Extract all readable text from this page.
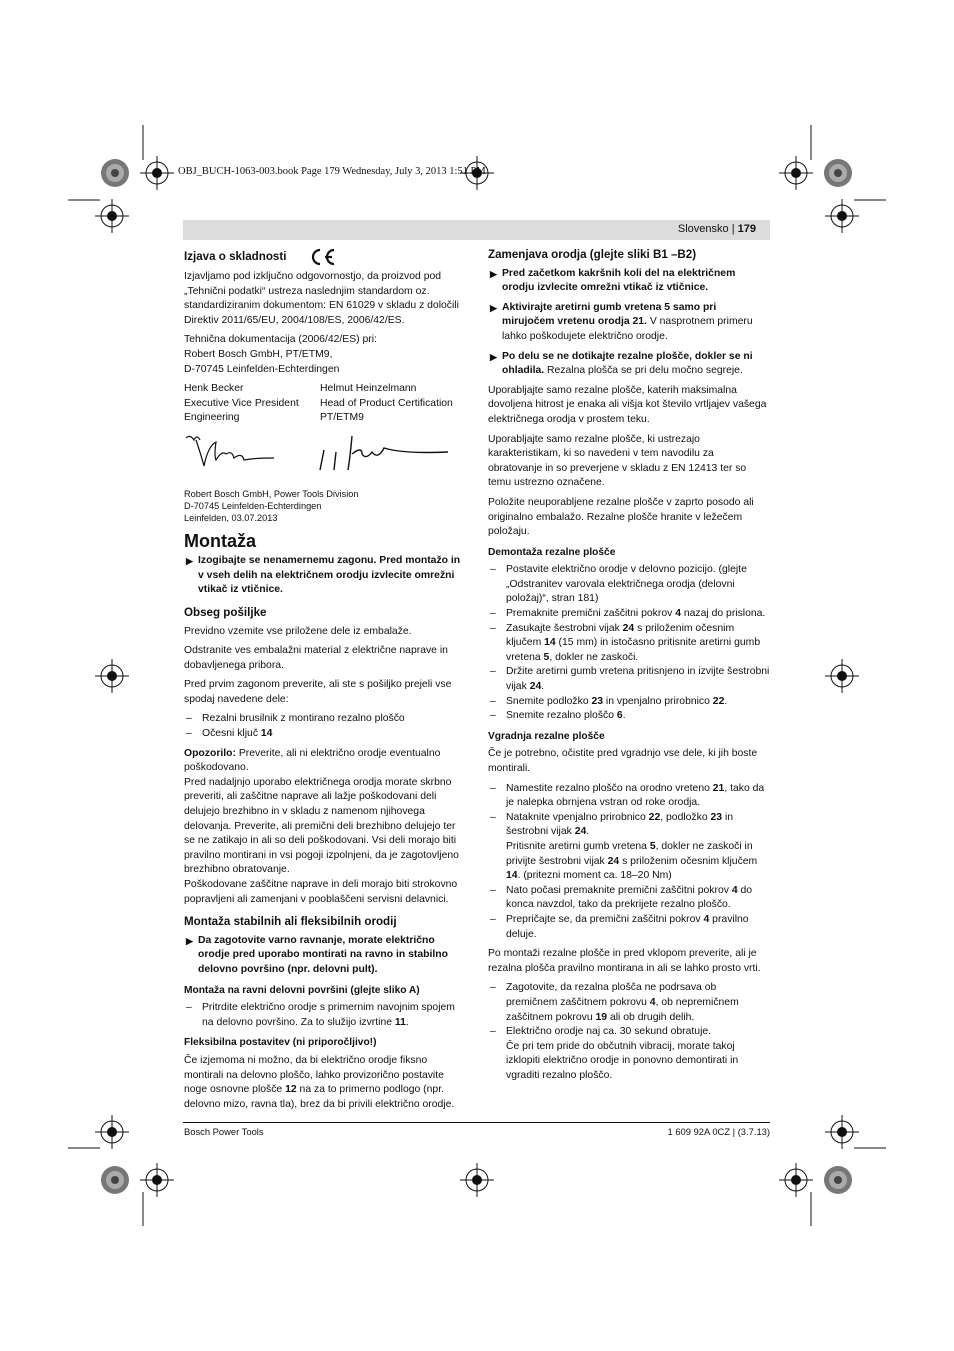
OBJ_BUCH-1063-003.book Page 179 Wednesday, July 3, 2013 1:51 PM
Slovensko | 179
Izjava o skladnosti

Izjavljamo pod izključno odgovornostjo, da proizvod pod „Tehnični podatki“ ustreza naslednjim standardom oz. standardiziranim dokumentom: EN 61029 v skladu z določili Direktiv 2011/65/EU, 2004/108/ES, 2006/42/ES.

Tehnična dokumentacija (2006/42/ES) pri:
Robert Bosch GmbH, PT/ETM9,
D-70745 Leinfelden-Echterdingen

Henk Becker
Executive Vice President
Engineering
Helmut Heinzelmann
Head of Product Certification
PT/ETM9
Robert Bosch GmbH, Power Tools Division
D-70745 Leinfelden-Echterdingen
Leinfelden, 03.07.2013
Montaža
▶ Izogibajte se nenamernemu zagonu. Pred montažo in v vseh delih na električnem orodju izvlecite omrežni vtikač iz vtičnice.
Obseg pošiljke

Previdno vzemite vse priložene dele iz embalaže.

Odstranite ves embalažni material z električne naprave in dobavljenega pribora.

Pred prvim zagonom preverite, ali ste s pošiljko prejeli vse spodaj navedene dele:

– Rezalni brusilnik z montirano rezalno ploščo
– Očesni ključ 14

Opozorilo: Preverite, ali ni električno orodje eventualno poškodovano.

Pred nadaljnjo uporabo električnega orodja morate skrbno preveriti, ali zaščitne naprave ali lažje poškodovani deli delujejo brezhibno in v skladu z namenom njihovega delovanja. Preverite, ali premični deli brezhibno delujejo ter se ne zatikajo in ali so deli poškodovani. Vsi deli morajo biti pravilno montirani in vsi pogoji izpolnjeni, da je zagotovljeno brezhibno obratovanje.

Poškodovane zaščitne naprave in deli morajo biti strokovno popravljeni ali zamenjani v pooblaščeni servisni delavnici.

Montaža stabilnih ali fleksibilnih orodij
▶ Da zagotovite varno ravnanje, morate električno orodje pred uporabo montirati na ravno in stabilno delovno površino (npr. delovni pult).
Montaža na ravni delovni površini (glejte sliko A)
– Pritrdite električno orodje s primernim navojnim spojem na delovno površino. Za to služijo izvrtine 11.
Fleksibilna postavitev (ni priporočljivo!)

Če izjemoma ni možno, da bi električno orodje fiksno montirali na delovno ploščo, lahko provizorično postavite noge osnovne plošče 12 na za to primerno podlogo (npr. delovno mizo, ravna tla), brez da bi privili električno orodje.

Zamenjava orodja (glejte sliki B1 –B2)
▶ Pred začetkom kakršnih koli del na električnem orodju izvlecite omrežni vtikač iz vtičnice.
▶ Aktivirajte aretirni gumb vretena 5 samo pri mirujočem vretenu orodja 21. V nasprotnem primeru lahko poškodujete električno orodje.
▶ Po delu se ne dotikajte rezalne plošče, dokler se ni ohladila. Rezalna plošča se pri delu močno segreje.

Uporabljajte samo rezalne plošče, katerih maksimalna dovoljena hitrost je enaka ali višja kot število vrtljajev vašega električnega orodja v prostem teku.

Uporabljajte samo rezalne plošče, ki ustrezajo karakteristikam, ki so navedeni v tem navodilu za obratovanje in so preverjene v skladu z EN 12413 ter so temu ustrezno označene.

Položite neuporabljene rezalne plošče v zaprto posodo ali originalno embalažo. Rezalne plošče hranite v ležečem položaju.

Demontaža rezalne plošče
– Postavite električno orodje v delovno pozicijo. (glejte „Odstranitev varovala električnega orodja (delovni položaj)“, stran 181)
– Premaknite premični zaščitni pokrov 4 nazaj do prislona.
– Zasukajte šestrobni vijak 24 s priloženim očesnim ključem 14 (15 mm) in istočasno pritisnite aretirni gumb vretena 5, dokler ne zaskoči.
– Držite aretirni gumb vretena pritisnjeno in izvijte šestrobni vijak 24.
– Snemite podložko 23 in vpenjalno prirobnico 22.
– Snemite rezalno ploščo 6.
Vgradnja rezalne plošče

Če je potrebno, očistite pred vgradnjo vse dele, ki jih boste montirali.

– Namestite rezalno ploščo na orodno vreteno 21, tako da je nalepka obrnjena vstran od roke orodja.
– Nataknite vpenjalno prirobnico 22, podložko 23 in šestrobni vijak 24.
Pritisnite aretirni gumb vretena 5, dokler ne zaskoči in privijte šestrobni vijak 24 s priloženim očesnim ključem 14. (pritezni moment ca. 18–20 Nm)
– Nato počasi premaknite premični zaščitni pokrov 4 do konca navzdol, tako da prekrijete rezalno ploščo.
– Prepričajte se, da premični zaščitni pokrov 4 pravilno deluje.

Po montaži rezalne plošče in pred vklopom preverite, ali je rezalna plošča pravilno montirana in ali se lahko prosto vrti.

– Zagotovite, da rezalna plošča ne podrsava ob premičnem zaščitnem pokrovu 4, ob nepremičnem zaščitnem pokrovu 19 ali ob drugih delih.
– Električno orodje naj ca. 30 sekund obratuje.
Če pri tem pride do občutnih vibracij, morate takoj izklopiti električno orodje in ponovno demontirati in vgraditi rezalno ploščo.
Bosch Power Tools	1 609 92A 0CZ | (3.7.13)
